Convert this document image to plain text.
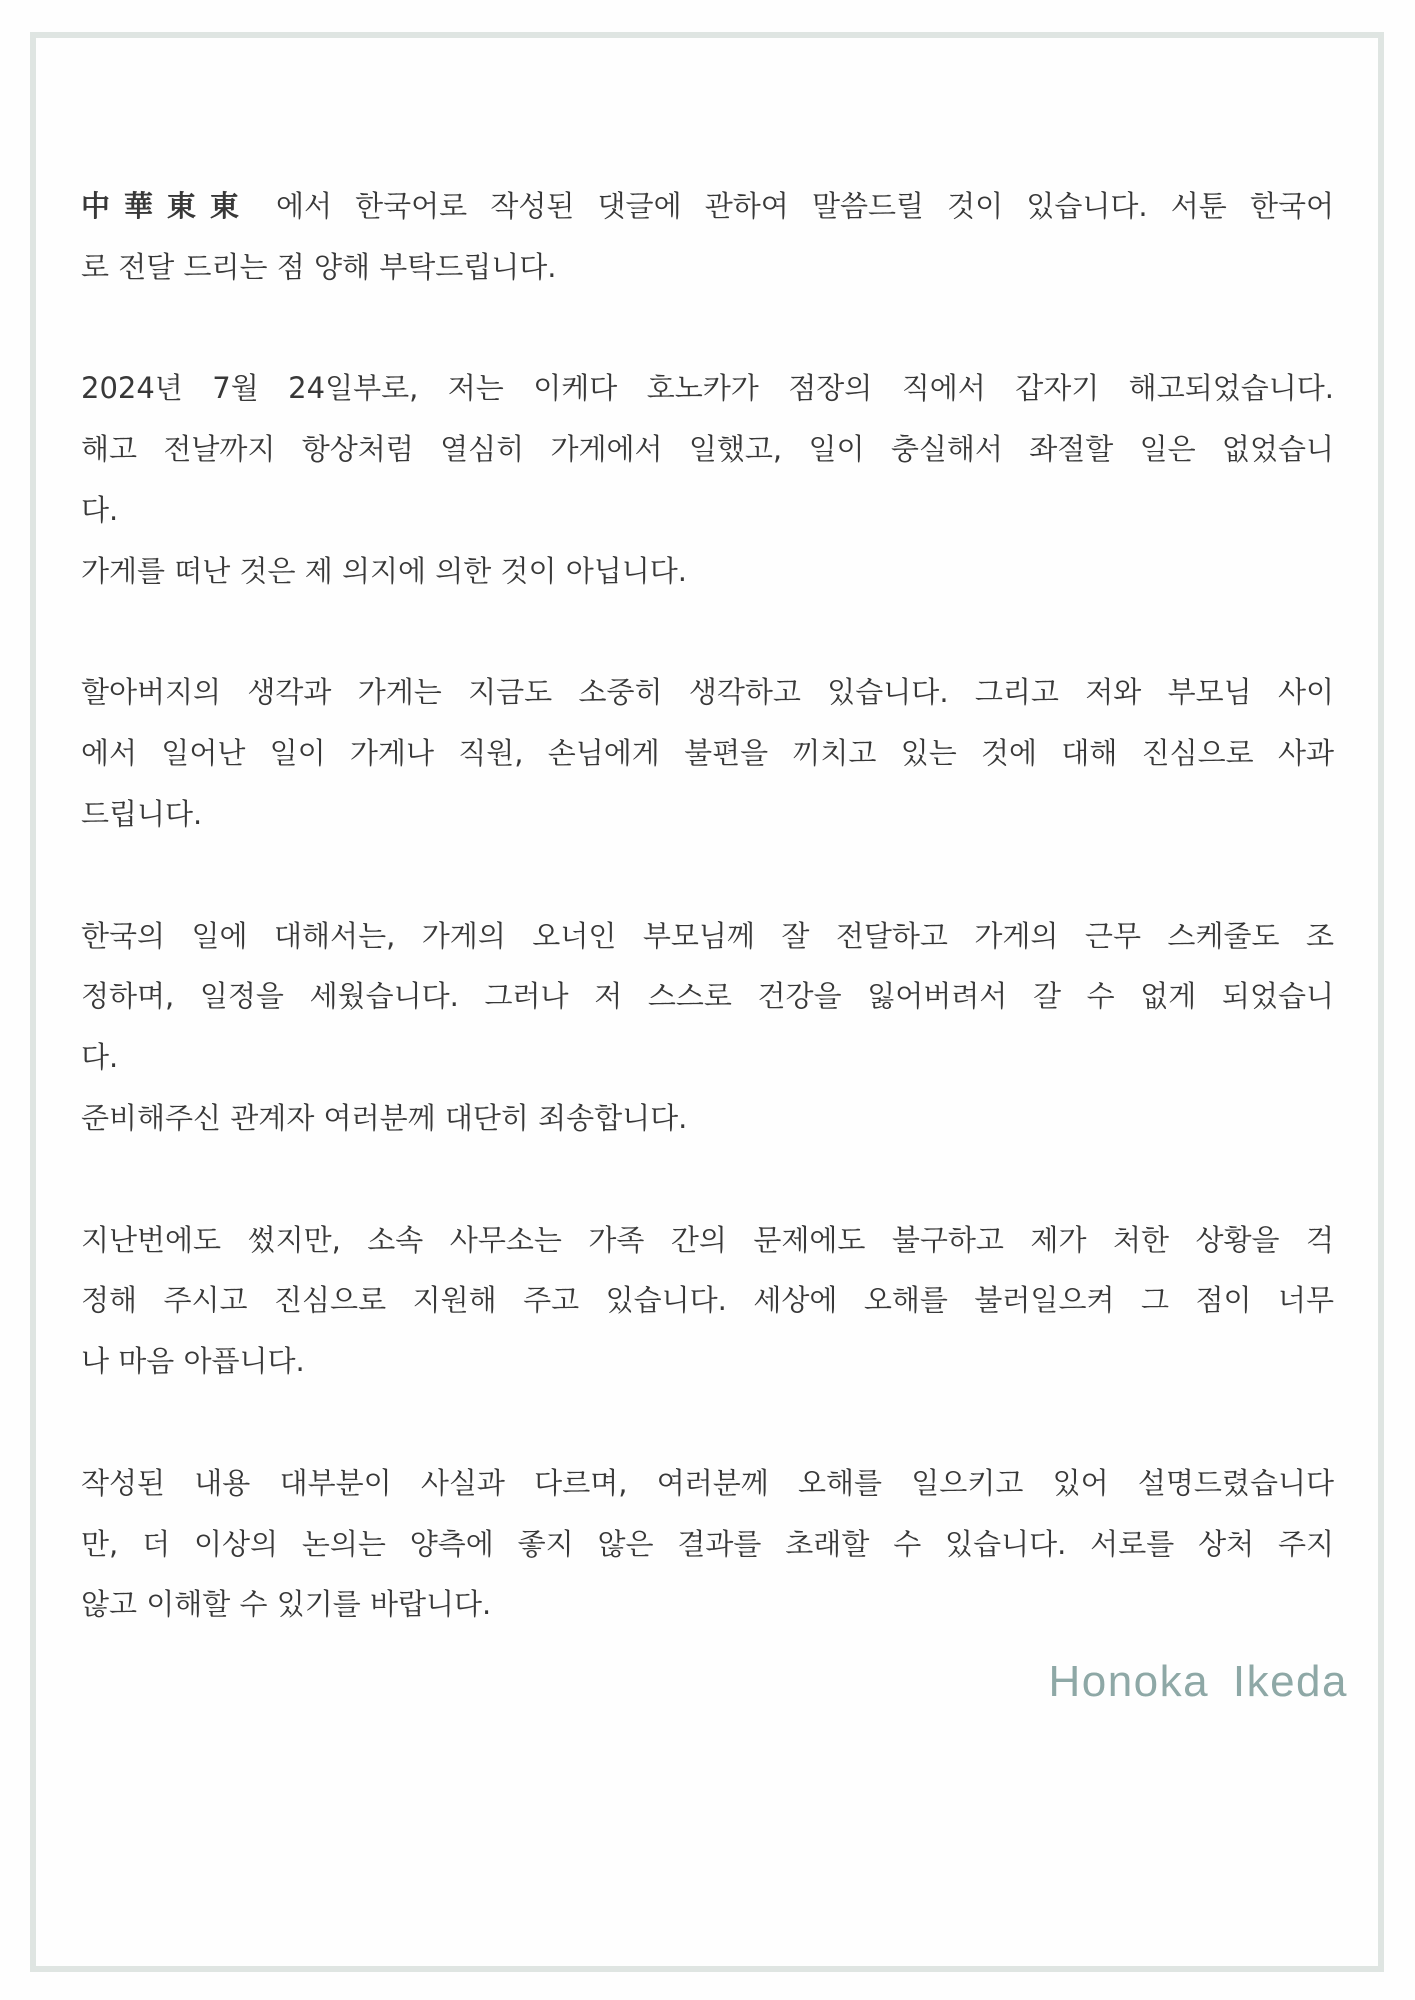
中華東東 에서 한국어로 작성된 댓글에 관하여 말씀드릴 것이 있습니다. 서툰 한국어
로 전달 드리는 점 양해 부탁드립니다.
2024년 7월 24일부로, 저는 이케다 호노카가 점장의 직에서 갑자기 해고되었습니다.
해고 전날까지 항상처럼 열심히 가게에서 일했고, 일이 충실해서 좌절할 일은 없었습니
다.
가게를 떠난 것은 제 의지에 의한 것이 아닙니다.
할아버지의 생각과 가게는 지금도 소중히 생각하고 있습니다. 그리고 저와 부모님 사이
에서 일어난 일이 가게나 직원, 손님에게 불편을 끼치고 있는 것에 대해 진심으로 사과
드립니다.
한국의 일에 대해서는, 가게의 오너인 부모님께 잘 전달하고 가게의 근무 스케줄도 조
정하며, 일정을 세웠습니다. 그러나 저 스스로 건강을 잃어버려서 갈 수 없게 되었습니
다.
준비해주신 관계자 여러분께 대단히 죄송합니다.
지난번에도 썼지만, 소속 사무소는 가족 간의 문제에도 불구하고 제가 처한 상황을 걱
정해 주시고 진심으로 지원해 주고 있습니다. 세상에 오해를 불러일으켜 그 점이 너무
나 마음 아픕니다.
작성된 내용 대부분이 사실과 다르며, 여러분께 오해를 일으키고 있어 설명드렸습니다
만, 더 이상의 논의는 양측에 좋지 않은 결과를 초래할 수 있습니다. 서로를 상처 주지
않고 이해할 수 있기를 바랍니다.
Honoka Ikeda
